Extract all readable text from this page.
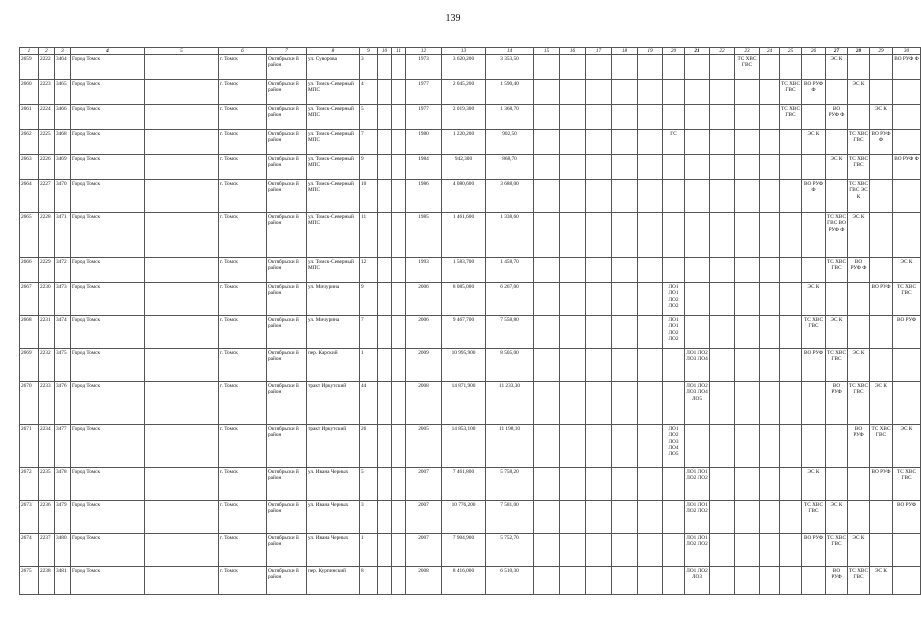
139
1	2	3	4	5	6	7	8	9	10	11	12	13	14	15	16	17	18	19	20	21	22	23	24	25	26	27	28	29	30
2659	2222	3464	Город Томск		г. Томск	Октябрьски й район	ул. Суворова	3			1973	3 620,200	3 353,50									ТС ХВС ГВС				ЭС К			ВО РУФ Ф
2660	2223	3465	Город Томск		г. Томск	Октябрьски й район	ул. Томск-Северный МПС	4			1977	2 045,200	1 590,40											ТС ХВС ГВС	ВО РУФ Ф		ЭС К		
2661	2224	3466	Город Томск		г. Томск	Октябрьски й район	ул. Томск-Северный МПС	5			1977	2 019,300	1 368,70											ТС ХВС ГВС		ВО РУФ Ф		ЭС К	
2662	2225	3468	Город Томск		г. Томск	Октябрьски й район	ул. Томск-Северный МПС	7			1980	1 220,200	902,50						ГС						ЭС К		ТС ХВС ГВС	ВО РУФ Ф	
2663	2226	3469	Город Томск		г. Томск	Октябрьски й район	ул. Томск-Северный МПС	9			1984	942,300	868,70													ЭС К	ТС ХВС ГВС		ВО РУФ Ф
2664	2227	3470	Город Томск		г. Томск	Октябрьски й район	ул. Томск-Северный МПС	10			1986	4 080,600	3 688,00												ВО РУФ Ф		ТС ХВС ГВС ЭС К		
2665	2228	3471	Город Томск		г. Томск	Октябрьски й район	ул. Томск-Северный МПС	11			1985	1 461,600	1 338,60													ТС ХВС ГВС ВО РУФ Ф	ЭС К		
2666	2229	3472	Город Томск		г. Томск	Октябрьски й район	ул. Томск-Северный МПС	12			1993	1 583,700	1 458,70													ТС ХВС ГВС	ВО РУФ Ф		ЭС К
2667	2230	3473	Город Томск		г. Томск	Октябрьски й район	ул. Мичурина	9			2006	8 085,000	6 267,00						ЛО1 ЛО1 ЛО2 ЛО2						ЭС К			ВО РУФ	ТС ХВС ГВС
2668	2231	3474	Город Томск		г. Томск	Октябрьски й район	ул. Мичурина	7			2006	9 467,700	7 558,80						ЛО1 ЛО1 ЛО2 ЛО2						ТС ХВС ГВС	ЭС К			ВО РУФ
2669	2232	3475	Город Томск		г. Томск	Октябрьски й район	пер. Карский	1			2009	10 995,900	8 505,00							ЛО1 ЛО2 ЛО3 ЛО4					ВО РУФ	ТС ХВС ГВС	ЭС К		
2670	2233	3476	Город Томск		г. Томск	Октябрьски й район	тракт Иркутский	44			2008	14 871,900	11 233,30							ЛО1 ЛО2 ЛО3 ЛО4 ЛО5						ВО РУФ	ТС ХВС ГВС	ЭС К	
2671	2234	3477	Город Томск		г. Томск	Октябрьски й район	тракт Иркутский	26			2005	14 853,100	11 198,10						ЛО1 ЛО2 ЛО3 ЛО4 ЛО5								ВО РУФ	ТС ХВС ГВС	ЭС К
2672	2235	3478	Город Томск		г. Томск	Октябрьски й район	ул. Ивана Черных	5			2007	7 461,800	5 758,20							ЛО1 ЛО1 ЛО2 ЛО2					ЭС К			ВО РУФ	ТС ХВС ГВС
2673	2236	3479	Город Томск		г. Томск	Октябрьски й район	ул. Ивана Черных	3			2007	10 776,200	7 581,00							ЛО1 ЛО1 ЛО2 ЛО2					ТС ХВС ГВС	ЭС К			ВО РУФ
2674	2237	3480	Город Томск		г. Томск	Октябрьски й район	ул. Ивана Черных	1			2007	7 904,900	5 752,70							ЛО1 ЛО1 ЛО2 ЛО2					ВО РУФ	ТС ХВС ГВС	ЭС К		
2675	2238	3481	Город Томск		г. Томск	Октябрьски й район	пер. Курпинский	8			2008	8 416,000	6 510,30							ЛО1 ЛО2 ЛО3						ВО РУФ	ТС ХВС ГВС	ЭС К	
